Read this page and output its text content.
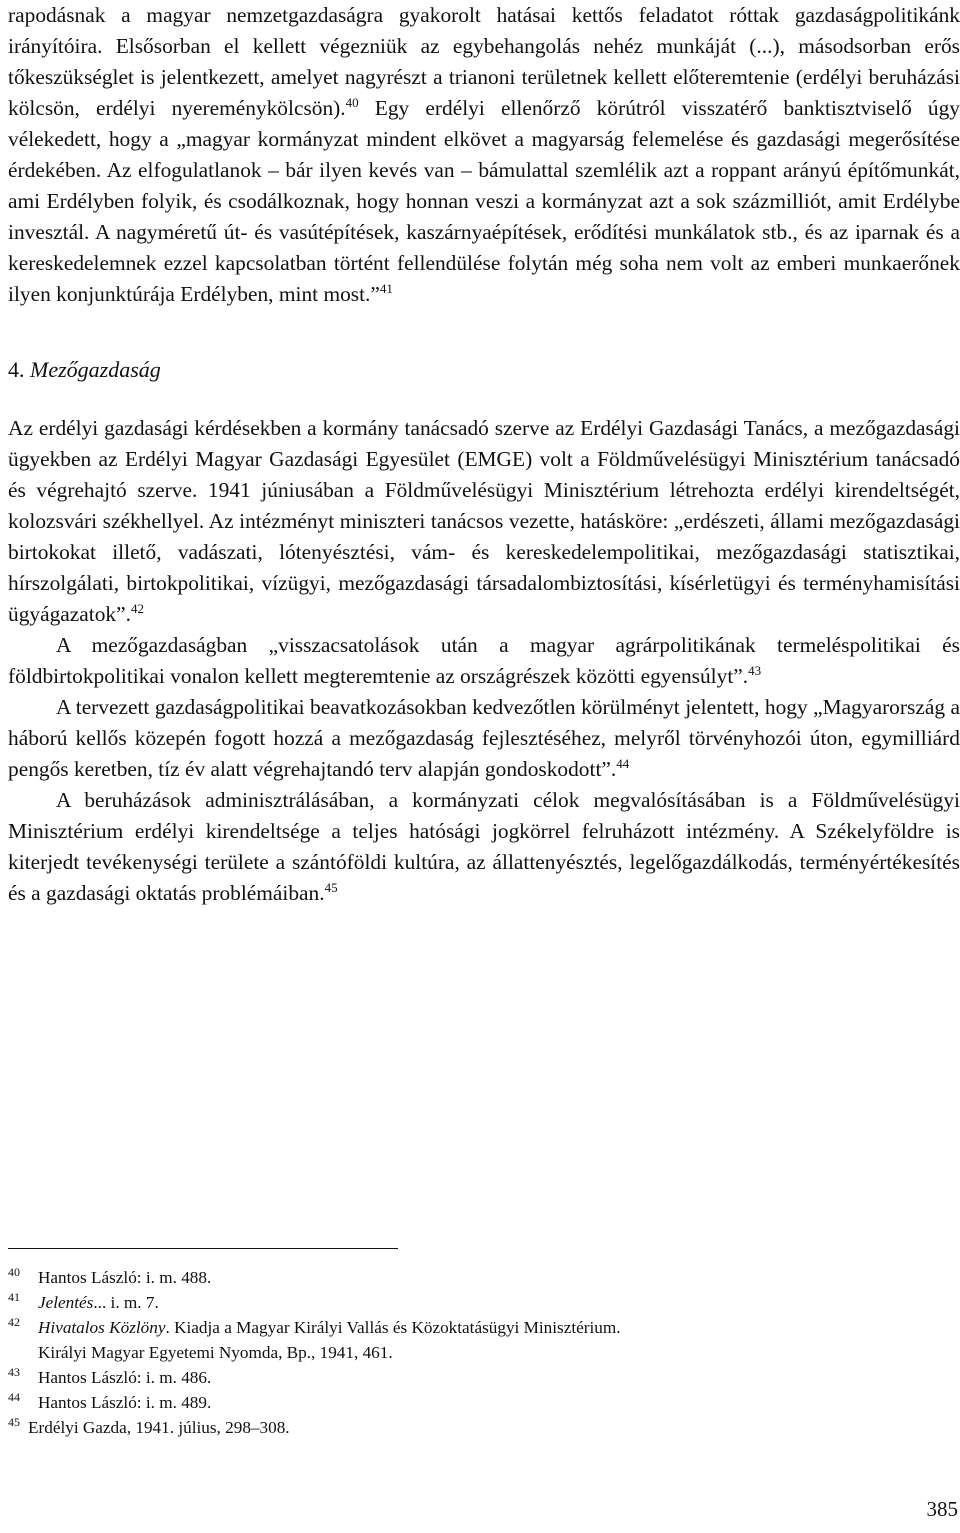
rapodásnak a magyar nemzetgazdaságra gyakorolt hatásai kettős feladatot róttak gazdaságpolitikánk irányítóira. Elsősorban el kellett végezniük az egybehangolás nehéz munkáját (...), másodsorban erős tőkeszükséglet is jelentkezett, amelyet nagyrészt a trianoni területnek kellett előteremtenie (erdélyi beruházási kölcsön, erdélyi nyereménykölcsön).$^{40}$ Egy erdélyi ellenőrző körútról visszatérő banktisztviselő úgy vélekedett, hogy a „magyar kormányzat mindent elkövet a magyarság felemelése és gazdasági megerősítése érdekében. Az elfogulatlanok – bár ilyen kevés van – bámulattal szemlélik azt a roppant arányú építőmunkát, ami Erdélyben folyik, és csodálkoznak, hogy honnan veszi a kormányzat azt a sok százmilliót, amit Erdélybe invesztál. A nagyméretű út- és vasútépítések, kaszárnyaépítések, erődítési munkálatok stb., és az iparnak és a kereskedelemnek ezzel kapcsolatban történt fellendülése folytán még soha nem volt az emberi munkaerőnek ilyen konjunktúrája Erdélyben, mint most.”$^{41}$

4. Mezőgazdaság

Az erdélyi gazdasági kérdésekben a kormány tanácsadó szerve az Erdélyi Gazdasági Tanács, a mezőgazdasági ügyekben az Erdélyi Magyar Gazdasági Egyesület (EMGE) volt a Földművelésügyi Minisztérium tanácsadó és végrehajtó szerve. 1941 júniusában a Földművelésügyi Minisztérium létrehozta erdélyi kirendeltségét, kolozsvári székhellyel. Az intézményt miniszteri tanácsos vezette, hatásköre: „erdészeti, állami mezőgazdasági birtokokat illető, vadászati, lótenyésztési, vám- és kereskedelempolitikai, mezőgazdasági statisztikai, hírszolgálati, birtokpolitikai, vízügyi, mezőgazdasági társadalombiztosítási, kísérletügyi és terményhamisítási ügyágazatok”.$^{42}$

A mezőgazdaságban „visszacsatolások után a magyar agrárpolitikának termeléspolitikai és földbirtokpolitikai vonalon kellett megteremtenie az országrészek közötti egyensúlyt”.$^{43}$

A tervezett gazdaságpolitikai beavatkozásokban kedvezőtlen körülményt jelentett, hogy „Magyarország a háború kellős közepén fogott hozzá a mezőgazdaság fejlesztéséhez, melyről törvényhozói úton, egymilliárd pengős keretben, tíz év alatt végrehajtandó terv alapján gondoskodott”.$^{44}$

A beruházások adminisztrálásában, a kormányzati célok megvalósításában is a Földművelésügyi Minisztérium erdélyi kirendeltsége a teljes hatósági jogkörrel felruházott intézmény. A Székelyföldre is kiterjedt tevékenységi területe a szántóföldi kultúra, az állattenyésztés, legelőgazdálkodás, terményértékesítés és a gazdasági oktatás problémáiban.$^{45}$

40 Hantos László: i. m. 488.

41 Jelentés... i. m. 7.

42 Hivatalos Közlöny. Kiadja a Magyar Királyi Vallás és Közoktatásügyi Minisztérium.

Királyi Magyar Egyetemi Nyomda, Bp., 1941, 461.

43 Hantos László: i. m. 486.

44 Hantos László: i. m. 489.

45 Erdélyi Gazda, 1941. július, 298–308.

385
